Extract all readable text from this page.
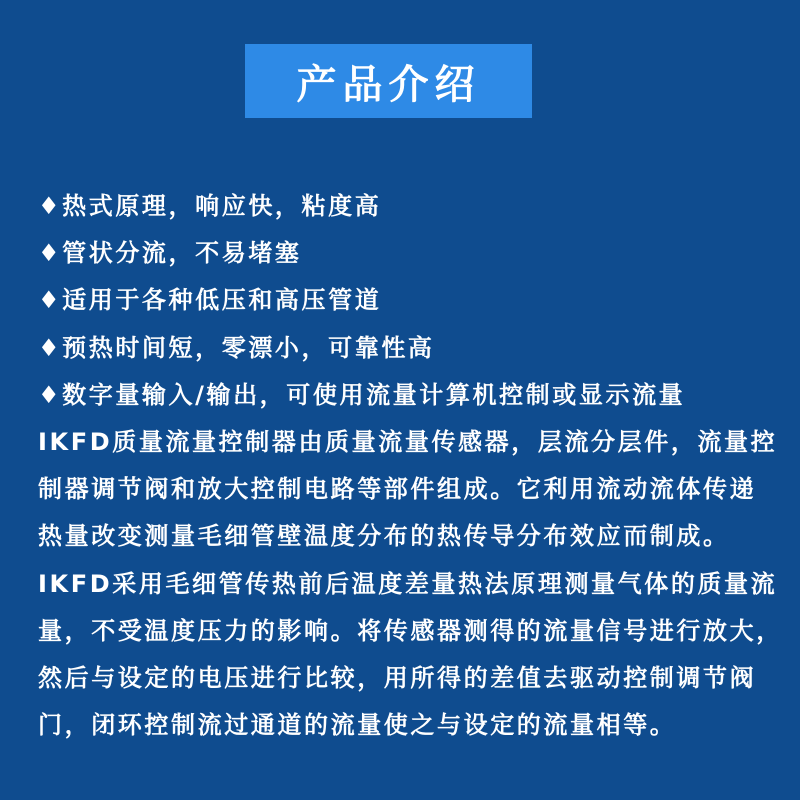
产品介绍
♦热式原理，响应快，粘度高
♦管状分流，不易堵塞
♦适用于各种低压和高压管道
♦预热时间短，零漂小，可靠性高
♦数字量输入/输出，可使用流量计算机控制或显示流量
IKFD质量流量控制器由质量流量传感器，层流分层件，流量控
制器调节阀和放大控制电路等部件组成。它利用流动流体传递
热量改变测量毛细管壁温度分布的热传导分布效应而制成。
IKFD采用毛细管传热前后温度差量热法原理测量气体的质量流
量，不受温度压力的影响。将传感器测得的流量信号进行放大，
然后与设定的电压进行比较，用所得的差值去驱动控制调节阀
门，闭环控制流过通道的流量使之与设定的流量相等。
